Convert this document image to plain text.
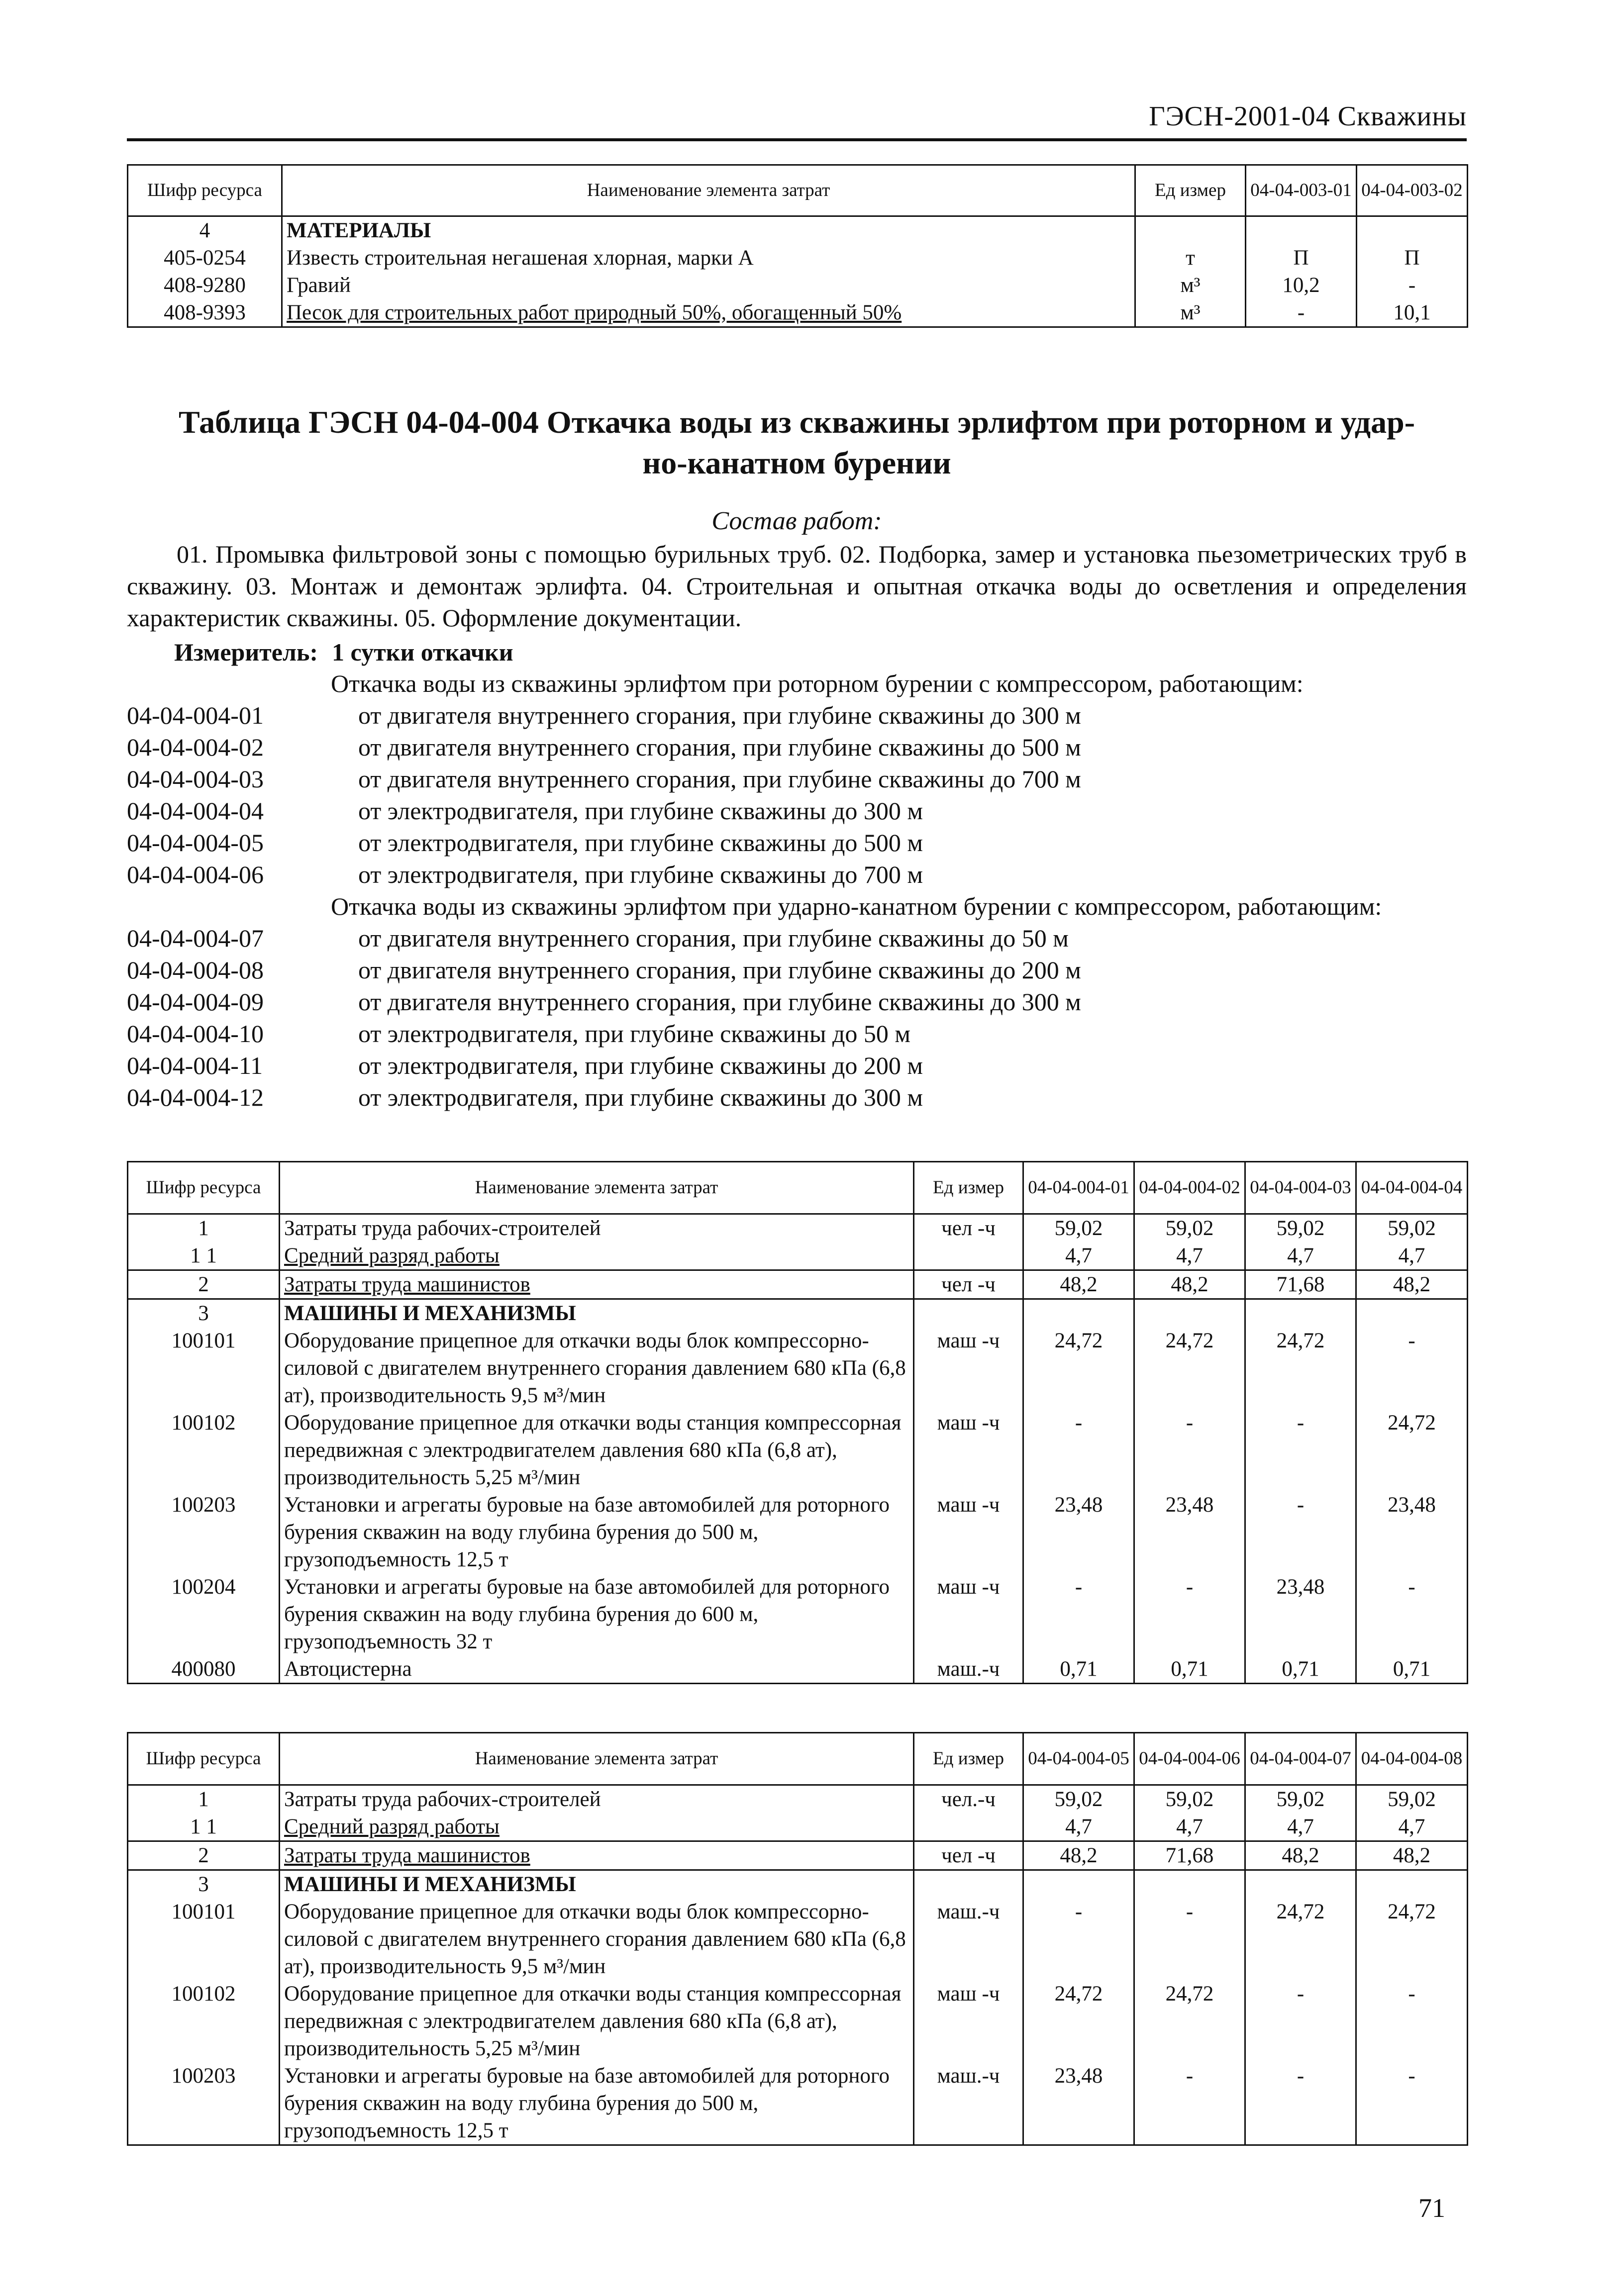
ГЭСН-2001-04 Скважины
Шифр ресурса	Наименование элемента затрат	Ед измер	04-04-003-01	04-04-003-02
4	МАТЕРИАЛЫ			
405-0254	Известь строительная негашеная хлорная, марки А	т	П	П
408-9280	Гравий	м³	10,2	-
408-9393	Песок для строительных работ природный 50%, обогащенный 50%	м³	-	10,1
Таблица ГЭСН 04-04-004 Откачка воды из скважины эрлифтом при роторном и удар-
но-канатном бурении
Состав работ:

01. Промывка фильтровой зоны с помощью бурильных труб. 02. Подборка, замер и установка пьезометрических труб в скважину. 03. Монтаж и демонтаж эрлифта. 04. Строительная и опытная откачка воды до осветления и определения характеристик скважины. 05. Оформление документации.

Измеритель: 1 сутки откачки
Откачка воды из скважины эрлифтом при роторном бурении с компрессором, работающим:
04-04-004-01	от двигателя внутреннего сгорания, при глубине скважины до 300 м
04-04-004-02	от двигателя внутреннего сгорания, при глубине скважины до 500 м
04-04-004-03	от двигателя внутреннего сгорания, при глубине скважины до 700 м
04-04-004-04	от электродвигателя, при глубине скважины до 300 м
04-04-004-05	от электродвигателя, при глубине скважины до 500 м
04-04-004-06	от электродвигателя, при глубине скважины до 700 м
Откачка воды из скважины эрлифтом при ударно-канатном бурении с компрессором, работающим:
04-04-004-07	от двигателя внутреннего сгорания, при глубине скважины до 50 м
04-04-004-08	от двигателя внутреннего сгорания, при глубине скважины до 200 м
04-04-004-09	от двигателя внутреннего сгорания, при глубине скважины до 300 м
04-04-004-10	от электродвигателя, при глубине скважины до 50 м
04-04-004-11	от электродвигателя, при глубине скважины до 200 м
04-04-004-12	от электродвигателя, при глубине скважины до 300 м
Шифр ресурса	Наименование элемента затрат	Ед измер	04-04-004-01	04-04-004-02	04-04-004-03	04-04-004-04
1	Затраты труда рабочих-строителей	чел -ч	59,02	59,02	59,02	59,02
1 1	Средний разряд работы		4,7	4,7	4,7	4,7
2	Затраты труда машинистов	чел -ч	48,2	48,2	71,68	48,2
3	МАШИНЫ И МЕХАНИЗМЫ					
100101	Оборудование прицепное для откачки воды блок компрессорно-силовой с двигателем внутреннего сгорания давлением 680 кПа (6,8 ат), производительность 9,5 м³/мин	маш -ч	24,72	24,72	24,72	-
100102	Оборудование прицепное для откачки воды станция компрессорная передвижная с электродвигателем давления 680 кПа (6,8 ат), производительность 5,25 м³/мин	маш -ч	-	-	-	24,72
100203	Установки и агрегаты буровые на базе автомобилей для роторного бурения скважин на воду глубина бурения до 500 м, грузоподъемность 12,5 т	маш -ч	23,48	23,48	-	23,48
100204	Установки и агрегаты буровые на базе автомобилей для роторного бурения скважин на воду глубина бурения до 600 м, грузоподъемность 32 т	маш -ч	-	-	23,48	-
400080	Автоцистерна	маш.-ч	0,71	0,71	0,71	0,71
Шифр ресурса	Наименование элемента затрат	Ед измер	04-04-004-05	04-04-004-06	04-04-004-07	04-04-004-08
1	Затраты труда рабочих-строителей	чел.-ч	59,02	59,02	59,02	59,02
1 1	Средний разряд работы		4,7	4,7	4,7	4,7
2	Затраты труда машинистов	чел -ч	48,2	71,68	48,2	48,2
3	МАШИНЫ И МЕХАНИЗМЫ					
100101	Оборудование прицепное для откачки воды блок компрессорно-силовой с двигателем внутреннего сгорания давлением 680 кПа (6,8 ат), производительность 9,5 м³/мин	маш.-ч	-	-	24,72	24,72
100102	Оборудование прицепное для откачки воды станция компрессорная передвижная с электродвигателем давления 680 кПа (6,8 ат), производительность 5,25 м³/мин	маш -ч	24,72	24,72	-	-
100203	Установки и агрегаты буровые на базе автомобилей для роторного бурения скважин на воду глубина бурения до 500 м, грузоподъемность 12,5 т	маш.-ч	23,48	-	-	-
71
